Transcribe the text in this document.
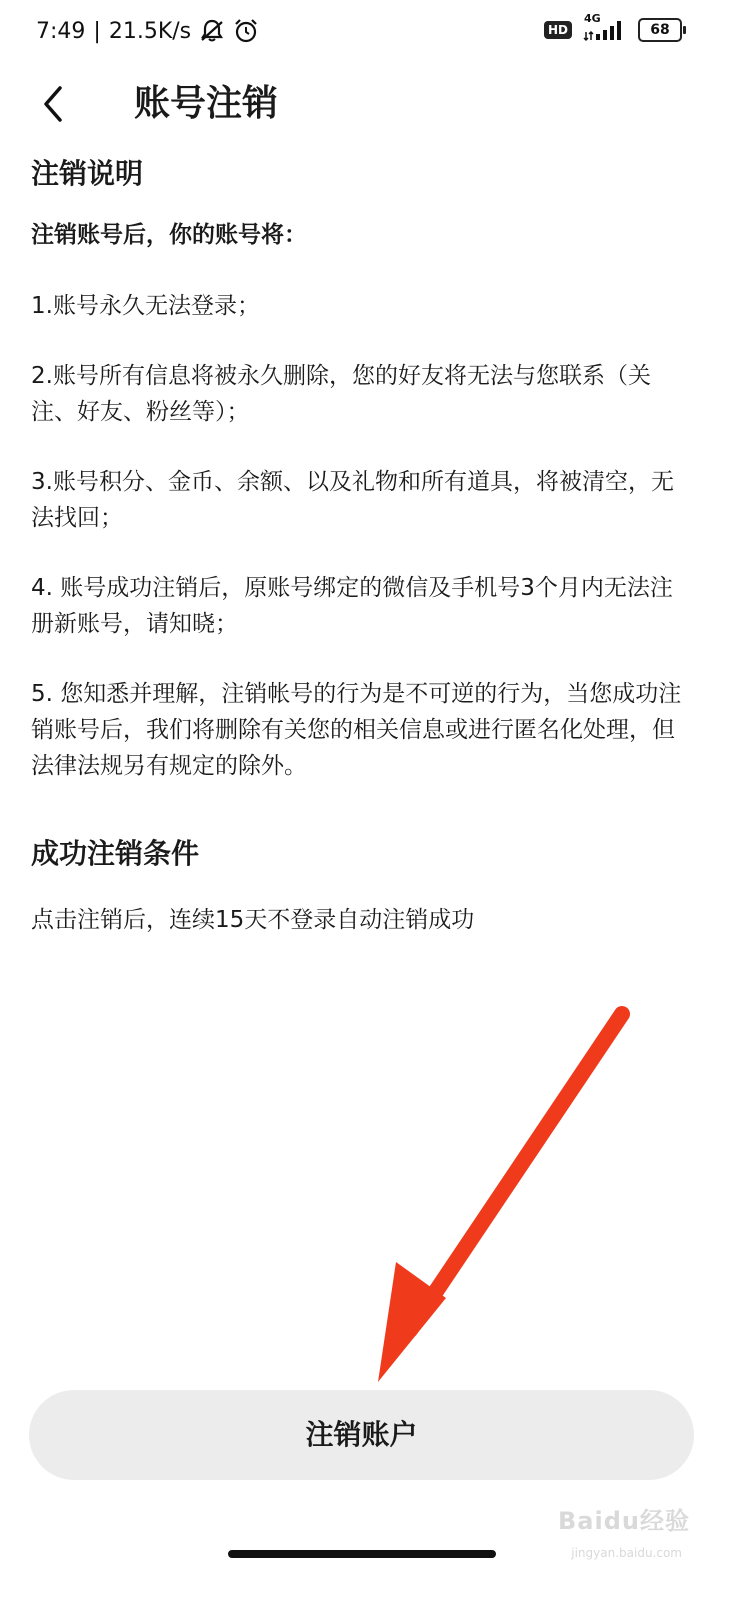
7:49 | 21.5K/s	HD
4G
68
账号注销
注销说明

注销账号后，你的账号将：

1.账号永久无法登录；

2.账号所有信息将被永久删除，您的好友将无法与您联系（关注、好友、粉丝等）；

3.账号积分、金币、余额、以及礼物和所有道具，将被清空，无法找回；

4. 账号成功注销后，原账号绑定的微信及手机号3个月内无法注册新账号，请知晓；

5. 您知悉并理解，注销帐号的行为是不可逆的行为，当您成功注销账号后，我们将删除有关您的相关信息或进行匿名化处理，但法律法规另有规定的除外。

成功注销条件

点击注销后，连续15天不登录自动注销成功

注销账户
Baidu经验
jingyan.baidu.com
